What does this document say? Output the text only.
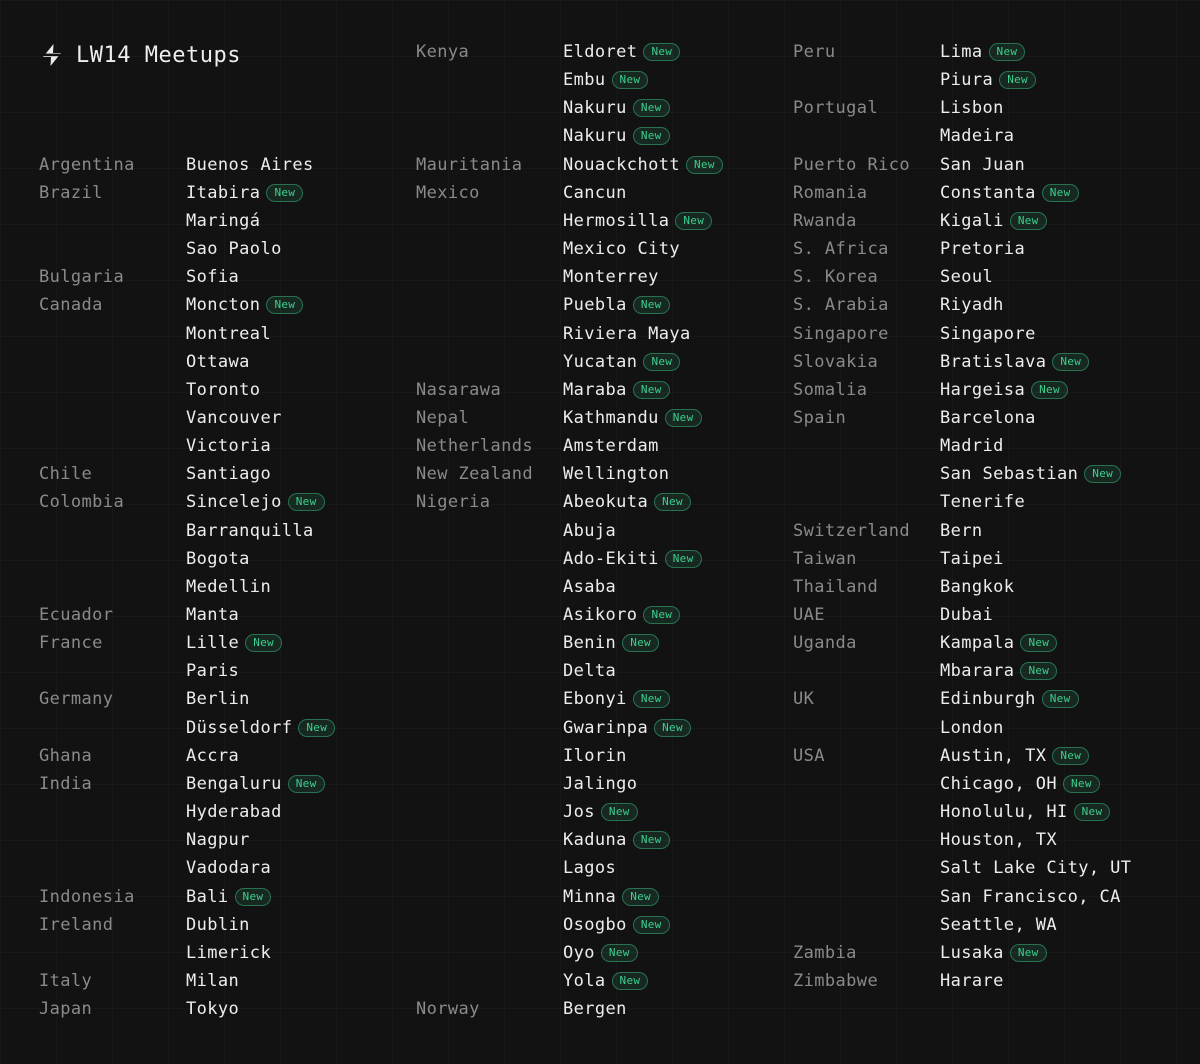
LW14 Meetups
Argentina	Buenos Aires
Brazil	Itabira	New
Maringá
Sao Paolo
Bulgaria	Sofia
Canada	Moncton	New
Montreal
Ottawa
Toronto
Vancouver
Victoria
Chile	Santiago
Colombia	Sincelejo	New
Barranquilla
Bogota
Medellin
Ecuador	Manta
France	Lille	New
Paris
Germany	Berlin
Düsseldorf	New
Ghana	Accra
India	Bengaluru	New
Hyderabad
Nagpur
Vadodara
Indonesia	Bali	New
Ireland	Dublin
Limerick
Italy	Milan
Japan	Tokyo
Kenya	Eldoret	New
Embu	New
Nakuru	New
Nakuru	New
Mauritania	Nouackchott	New
Mexico	Cancun
Hermosilla	New
Mexico City
Monterrey
Puebla	New
Riviera Maya
Yucatan	New
Nasarawa	Maraba	New
Nepal	Kathmandu	New
Netherlands	Amsterdam
New Zealand	Wellington
Nigeria	Abeokuta	New
Abuja
Ado-Ekiti	New
Asaba
Asikoro	New
Benin	New
Delta
Ebonyi	New
Gwarinpa	New
Ilorin
Jalingo
Jos	New
Kaduna	New
Lagos
Minna	New
Osogbo	New
Oyo	New
Yola	New
Norway	Bergen
Peru	Lima	New
Piura	New
Portugal	Lisbon
Madeira
Puerto Rico	San Juan
Romania	Constanta	New
Rwanda	Kigali	New
S. Africa	Pretoria
S. Korea	Seoul
S. Arabia	Riyadh
Singapore	Singapore
Slovakia	Bratislava	New
Somalia	Hargeisa	New
Spain	Barcelona
Madrid
San Sebastian	New
Tenerife
Switzerland	Bern
Taiwan	Taipei
Thailand	Bangkok
UAE	Dubai
Uganda	Kampala	New
Mbarara	New
UK	Edinburgh	New
London
USA	Austin, TX	New
Chicago, OH	New
Honolulu, HI	New
Houston, TX
Salt Lake City, UT
San Francisco, CA
Seattle, WA
Zambia	Lusaka	New
Zimbabwe	Harare
